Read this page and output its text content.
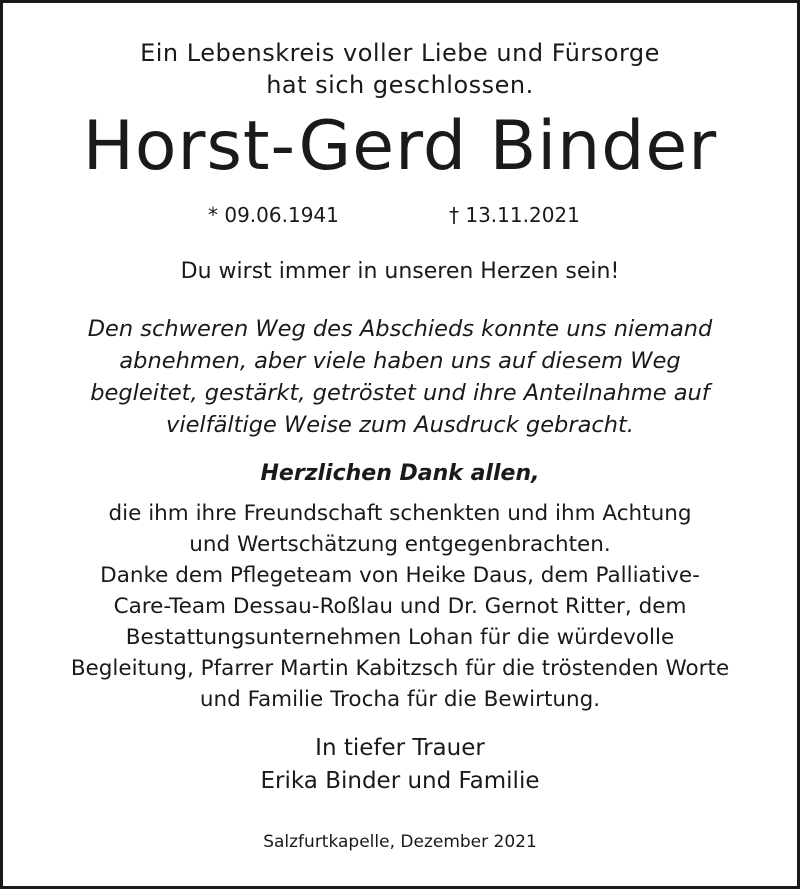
Ein Lebenskreis voller Liebe und Fürsorge
hat sich geschlossen.
Horst-Gerd Binder
* 09.06.1941	† 13.11.2021
Du wirst immer in unseren Herzen sein!
Den schweren Weg des Abschieds konnte uns niemand
abnehmen, aber viele haben uns auf diesem Weg
begleitet, gestärkt, getröstet und ihre Anteilnahme auf
vielfältige Weise zum Ausdruck gebracht.
Herzlichen Dank allen,
die ihm ihre Freundschaft schenkten und ihm Achtung
und Wertschätzung entgegenbrachten.
Danke dem Pflegeteam von Heike Daus, dem Palliative-
Care-Team Dessau-Roßlau und Dr. Gernot Ritter, dem
Bestattungsunternehmen Lohan für die würdevolle
Begleitung, Pfarrer Martin Kabitzsch für die tröstenden Worte
und Familie Trocha für die Bewirtung.
In tiefer Trauer
Erika Binder und Familie
Salzfurtkapelle, Dezember 2021
